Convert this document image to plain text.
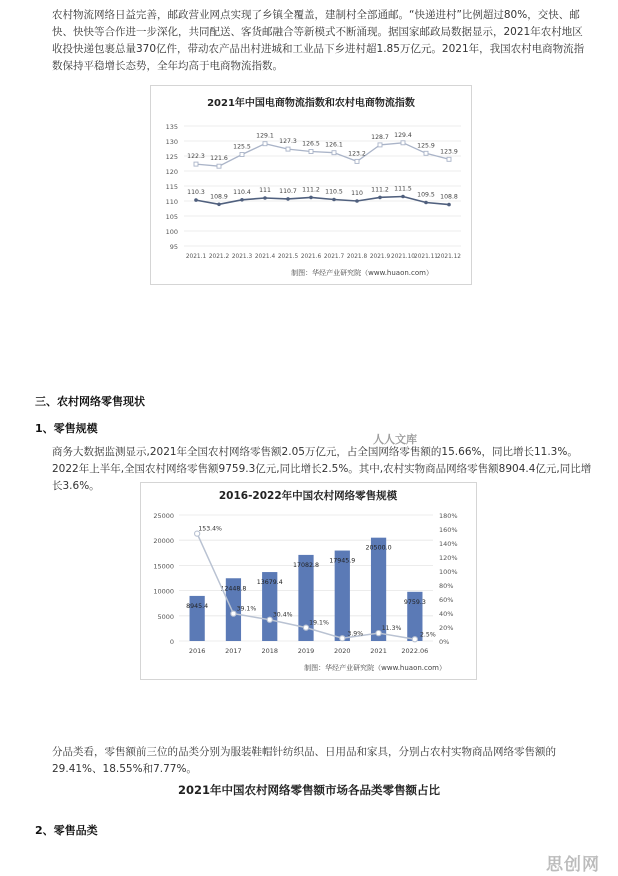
农村物流网络日益完善，邮政营业网点实现了乡镇全覆盖，建制村全部通邮。“快递进村”比例超过80%，交快、邮快、快快等合作进一步深化，共同配送、客货邮融合等新模式不断涌现。据国家邮政局数据显示，2021年农村地区收投快递包裹总量370亿件，带动农产品出村进城和工业品下乡进村超1.85万亿元。2021年，我国农村电商物流指数保持平稳增长态势，全年均高于电商物流指数。
2021年中国电商物流指数和农村电商物流指数
95
100
105
110
115
120
125
130
135
2021.1 2021.2 2021.3 2021.4 2021.5 2021.6 2021.7 2021.8 2021.9 2021.10 2021.11 2021.12
122.3 121.6
125.5
129.1
127.3 126.5 126.1
123.2
128.7 129.4
125.9
123.9
110.3
108.9
110.4 111 110.7 111.2 110.5 110
111.2 111.5
109.5 108.8
制图：华经产业研究院（www.huaon.com）
三、农村网络零售现状
1、零售规模
人人文库
商务大数据监测显示,2021年全国农村网络零售额2.05万亿元，占全国网络零售额的15.66%，同比增长11.3%。2022年上半年,全国农村网络零售额9759.3亿元,同比增长2.5%。其中,农村实物商品网络零售额8904.4亿元,同比增长3.6%。
2016-2022年中国农村网络零售规模
0
5000
10000
15000
20000
25000
0%
20%
40%
60%
80%
100%
120%
140%
160%
180%
8945.4
12448.8
13679.4
17082.8
17945.9
20500.0
9759.3
2016	2017	2018	2019	2020	2021 2022.06
153.4%
39.1%
30.4%
19.1%
3.9%
11.3%
2.5%
制图：华经产业研究院（www.huaon.com）
分品类看，零售额前三位的品类分别为服装鞋帽针纺织品、日用品和家具，分别占农村实物商品网络零售额的29.41%、18.55%和7.77%。
2021年中国农村网络零售额市场各品类零售额占比
2、零售品类
思创网
